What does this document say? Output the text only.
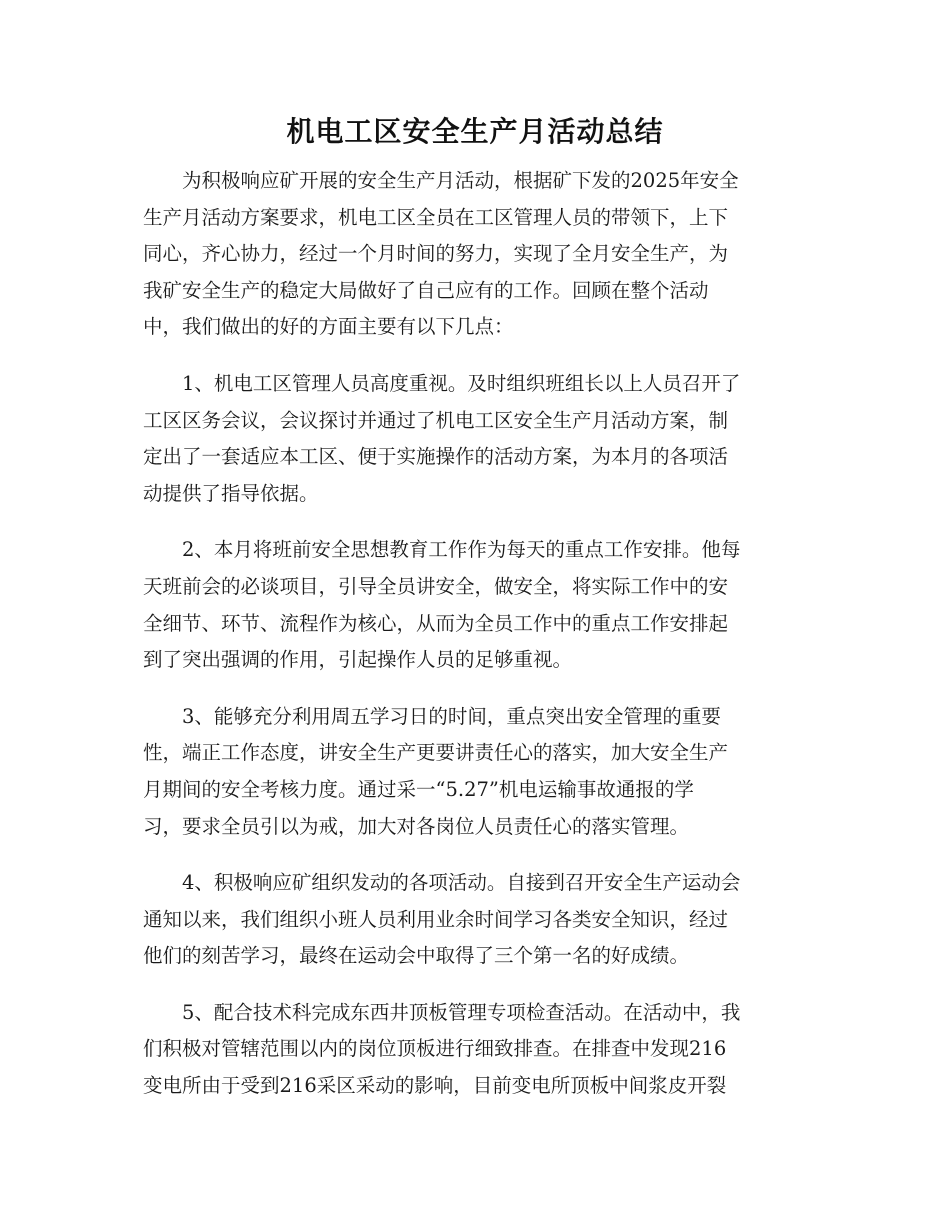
机电工区安全生产月活动总结

为积极响应矿开展的安全生产月活动，根据矿下发的2025年安全
生产月活动方案要求，机电工区全员在工区管理人员的带领下，上下
同心，齐心协力，经过一个月时间的努力，实现了全月安全生产，为
我矿安全生产的稳定大局做好了自己应有的工作。回顾在整个活动
中，我们做出的好的方面主要有以下几点：

1、机电工区管理人员高度重视。及时组织班组长以上人员召开了
工区区务会议，会议探讨并通过了机电工区安全生产月活动方案，制
定出了一套适应本工区、便于实施操作的活动方案，为本月的各项活
动提供了指导依据。

2、本月将班前安全思想教育工作作为每天的重点工作安排。他每
天班前会的必谈项目，引导全员讲安全，做安全，将实际工作中的安
全细节、环节、流程作为核心，从而为全员工作中的重点工作安排起
到了突出强调的作用，引起操作人员的足够重视。

3、能够充分利用周五学习日的时间，重点突出安全管理的重要
性，端正工作态度，讲安全生产更要讲责任心的落实，加大安全生产
月期间的安全考核力度。通过采一“5.27”机电运输事故通报的学
习，要求全员引以为戒，加大对各岗位人员责任心的落实管理。

4、积极响应矿组织发动的各项活动。自接到召开安全生产运动会
通知以来，我们组织小班人员利用业余时间学习各类安全知识，经过
他们的刻苦学习，最终在运动会中取得了三个第一名的好成绩。

5、配合技术科完成东西井顶板管理专项检查活动。在活动中，我
们积极对管辖范围以内的岗位顶板进行细致排查。在排查中发现216
变电所由于受到216采区采动的影响，目前变电所顶板中间浆皮开裂
